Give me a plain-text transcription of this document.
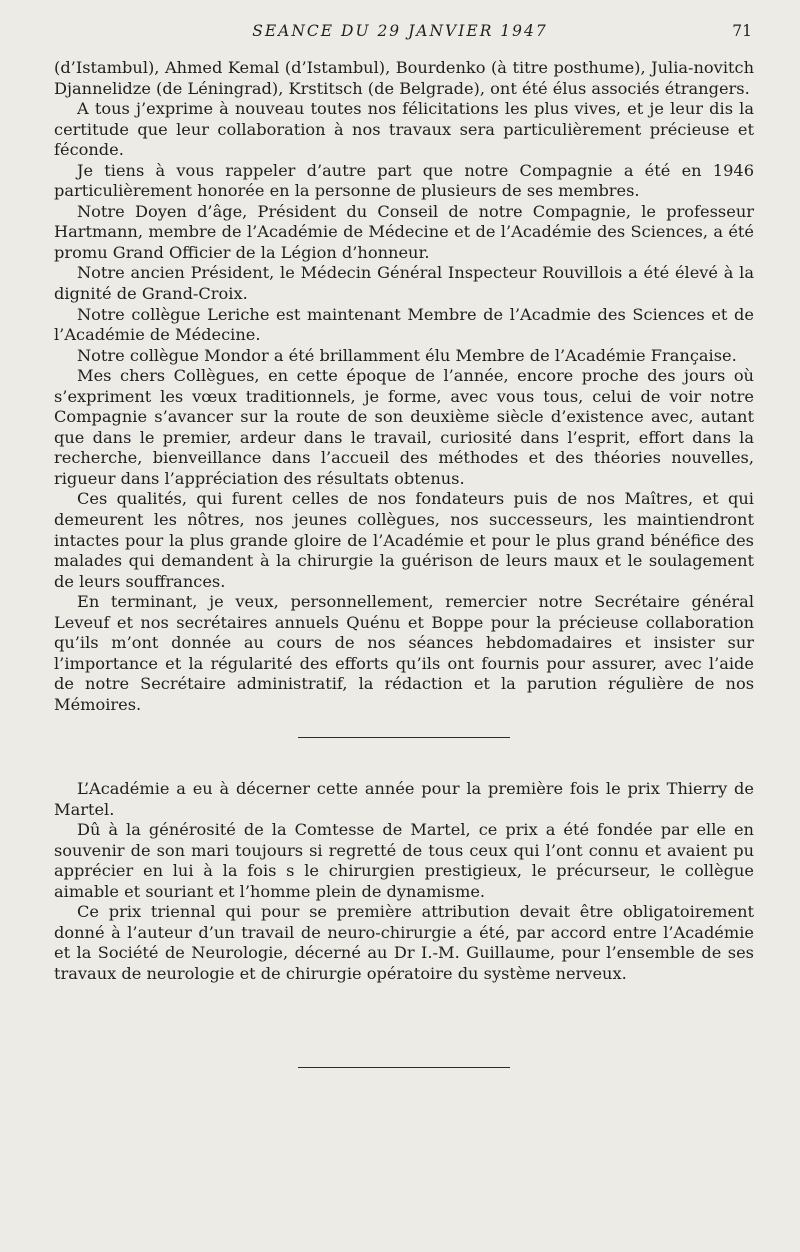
SEANCE DU 29 JANVIER 1947	71

(d’Istambul), Ahmed Kemal (d’Istambul), Bourdenko (à titre posthume), Julia-novitch Djannelidze (de Léningrad), Krstitsch (de Belgrade), ont été élus associés étrangers.

A tous j’exprime à nouveau toutes nos félicitations les plus vives, et je leur dis la certitude que leur collaboration à nos travaux sera particulièrement précieuse et féconde.

Je tiens à vous rappeler d’autre part que notre Compagnie a été en 1946 particulièrement honorée en la personne de plusieurs de ses membres.

Notre Doyen d’âge, Président du Conseil de notre Compagnie, le professeur Hartmann, membre de l’Académie de Médecine et de l’Académie des Sciences, a été promu Grand Officier de la Légion d’honneur.

Notre ancien Président, le Médecin Général Inspecteur Rouvillois a été élevé à la dignité de Grand-Croix.

Notre collègue Leriche est maintenant Membre de l’Acadmie des Sciences et de l’Académie de Médecine.

Notre collègue Mondor a été brillamment élu Membre de l’Académie Française.

Mes chers Collègues, en cette époque de l’année, encore proche des jours où s’expriment les vœux traditionnels, je forme, avec vous tous, celui de voir notre Compagnie s’avancer sur la route de son deuxième siècle d’existence avec, autant que dans le premier, ardeur dans le travail, curiosité dans l’esprit, effort dans la recherche, bienveillance dans l’accueil des méthodes et des théories nouvelles, rigueur dans l’appréciation des résultats obtenus.

Ces qualités, qui furent celles de nos fondateurs puis de nos Maîtres, et qui demeurent les nôtres, nos jeunes collègues, nos successeurs, les maintiendront intactes pour la plus grande gloire de l’Académie et pour le plus grand bénéfice des malades qui demandent à la chirurgie la guérison de leurs maux et le soulagement de leurs souffrances.

En terminant, je veux, personnellement, remercier notre Secrétaire général Leveuf et nos secrétaires annuels Quénu et Boppe pour la précieuse collaboration qu’ils m’ont donnée au cours de nos séances hebdomadaires et insister sur l’importance et la régularité des efforts qu’ils ont fournis pour assurer, avec l’aide de notre Secrétaire administratif, la rédaction et la parution régulière de nos Mémoires.

L’Académie a eu à décerner cette année pour la première fois le prix Thierry de Martel.

Dû à la générosité de la Comtesse de Martel, ce prix a été fondée par elle en souvenir de son mari toujours si regretté de tous ceux qui l’ont connu et avaient pu apprécier en lui à la fois s le chirurgien prestigieux, le précurseur, le collègue aimable et souriant et l’homme plein de dynamisme.

Ce prix triennal qui pour se première attribution devait être obligatoirement donné à l’auteur d’un travail de neuro-chirurgie a été, par accord entre l’Académie et la Société de Neurologie, décerné au Dr I.-M. Guillaume, pour l’ensemble de ses travaux de neurologie et de chirurgie opératoire du système nerveux.
